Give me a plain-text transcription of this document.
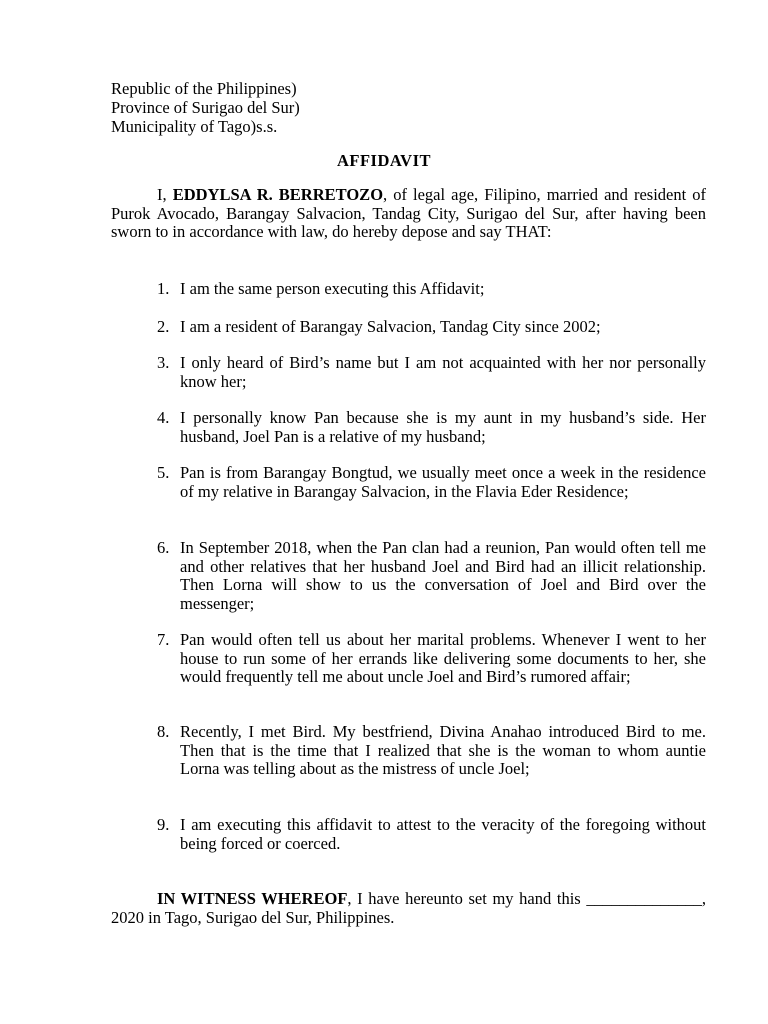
Republic of the Philippines)
Province of Surigao del Sur)
Municipality of Tago)s.s.
AFFIDAVIT
I, EDDYLSA R. BERRETOZO, of legal age, Filipino, married and resident of Purok Avocado, Barangay Salvacion, Tandag City, Surigao del Sur, after having been sworn to in accordance with law, do hereby depose and say THAT:
1. I am the same person executing this Affidavit;
2. I am a resident of Barangay Salvacion, Tandag City since 2002;
3. I only heard of Bird’s name but I am not acquainted with her nor personally know her;
4. I personally know Pan because she is my aunt in my husband’s side. Her husband, Joel Pan is a relative of my husband;
5. Pan is from Barangay Bongtud, we usually meet once a week in the residence of my relative in Barangay Salvacion, in the Flavia Eder Residence;
6. In September 2018, when the Pan clan had a reunion, Pan would often tell me and other relatives that her husband Joel and Bird had an illicit relationship. Then Lorna will show to us the conversation of Joel and Bird over the messenger;
7. Pan would often tell us about her marital problems. Whenever I went to her house to run some of her errands like delivering some documents to her, she would frequently tell me about uncle Joel and Bird’s rumored affair;
8. Recently, I met Bird. My bestfriend, Divina Anahao introduced Bird to me. Then that is the time that I realized that she is the woman to whom auntie Lorna was telling about as the mistress of uncle Joel;
9. I am executing this affidavit to attest to the veracity of the foregoing without being forced or coerced.
IN WITNESS WHEREOF, I have hereunto set my hand this ______________, 2020 in Tago, Surigao del Sur, Philippines.
